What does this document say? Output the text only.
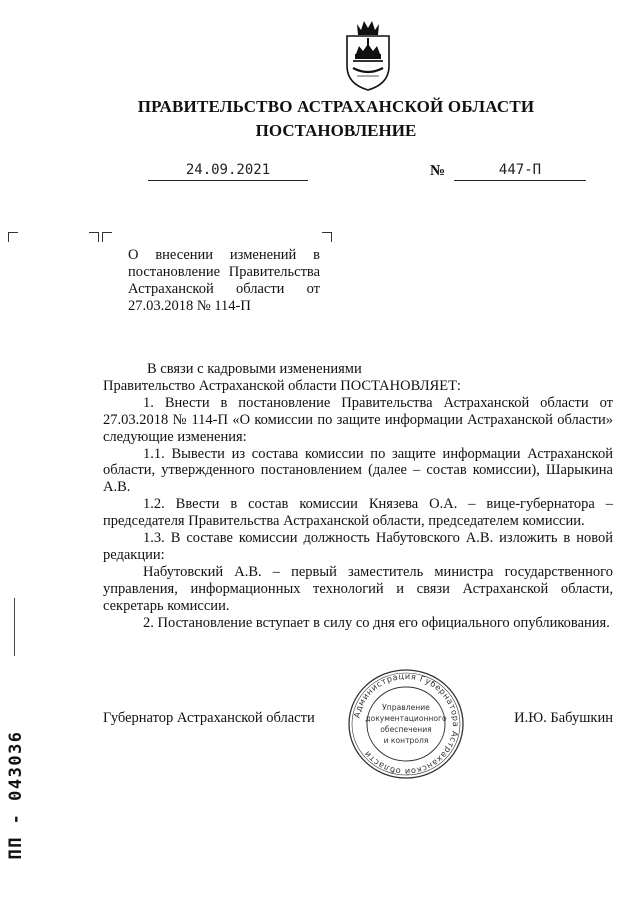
ПРАВИТЕЛЬСТВО АСТРАХАНСКОЙ ОБЛАСТИ
ПОСТАНОВЛЕНИЕ
24.09.2021	№	447-П
О внесении изменений в постановление Правительства Астраханской области от 27.03.2018 № 114-П

В связи с кадровыми изменениями

Правительство Астраханской области ПОСТАНОВЛЯЕТ:

1. Внести в постановление Правительства Астраханской области от 27.03.2018 № 114-П «О комиссии по защите информации Астраханской области» следующие изменения:

1.1. Вывести из состава комиссии по защите информации Астраханской области, утвержденного постановлением (далее – состав комиссии), Шарыкина А.В.

1.2. Ввести в состав комиссии Князева О.А. – вице-губернатора – председателя Правительства Астраханской области, председателем комиссии.

1.3. В составе комиссии должность Набутовского А.В. изложить в новой редакции:

Набутовский А.В. – первый заместитель министра государственного управления, информационных технологий и связи Астраханской области, секретарь комиссии.

2. Постановление вступает в силу со дня его официального опубликования.

Губернатор Астраханской области	И.Ю. Бабушкин
Администрация Губернатора Астраханской области
Управление
документационного
обеспечения
и контроля
ПП - 043036
